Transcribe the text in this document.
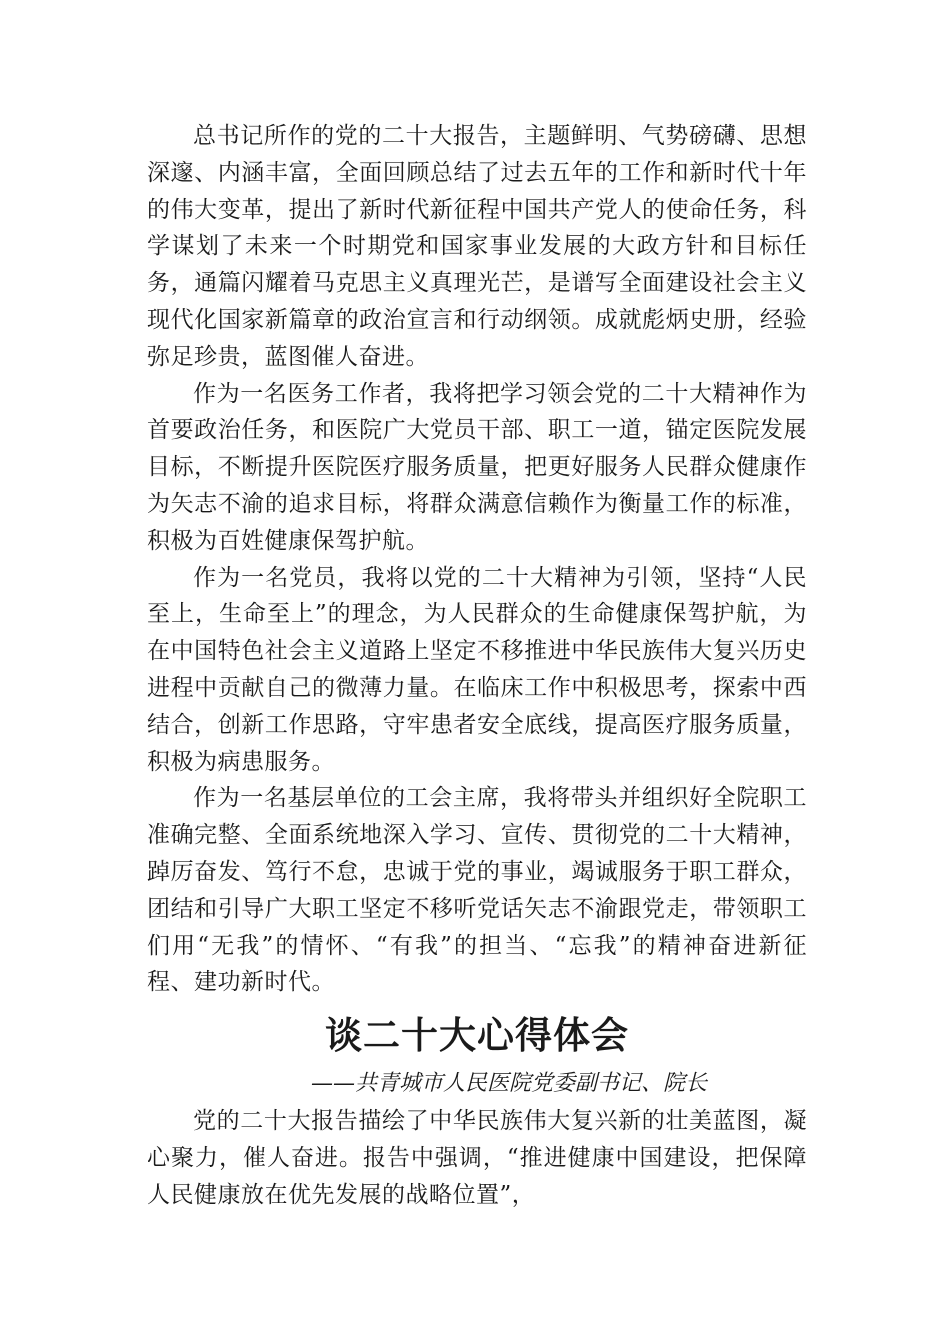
总书记所作的党的二十大报告，主题鲜明、气势磅礴、思想深邃、内涵丰富，全面回顾总结了过去五年的工作和新时代十年的伟大变革，提出了新时代新征程中国共产党人的使命任务，科学谋划了未来一个时期党和国家事业发展的大政方针和目标任务，通篇闪耀着马克思主义真理光芒，是谱写全面建设社会主义现代化国家新篇章的政治宣言和行动纲领。成就彪炳史册，经验弥足珍贵，蓝图催人奋进。

作为一名医务工作者，我将把学习领会党的二十大精神作为首要政治任务，和医院广大党员干部、职工一道，锚定医院发展目标，不断提升医院医疗服务质量，把更好服务人民群众健康作为矢志不渝的追求目标，将群众满意信赖作为衡量工作的标准，积极为百姓健康保驾护航。

作为一名党员，我将以党的二十大精神为引领，坚持“人民至上，生命至上”的理念，为人民群众的生命健康保驾护航，为在中国特色社会主义道路上坚定不移推进中华民族伟大复兴历史进程中贡献自己的微薄力量。在临床工作中积极思考，探索中西结合，创新工作思路，守牢患者安全底线，提高医疗服务质量，积极为病患服务。

作为一名基层单位的工会主席，我将带头并组织好全院职工准确完整、全面系统地深入学习、宣传、贯彻党的二十大精神，踔厉奋发、笃行不怠，忠诚于党的事业，竭诚服务于职工群众，团结和引导广大职工坚定不移听党话矢志不渝跟党走，带领职工们用“无我”的情怀、“有我”的担当、“忘我”的精神奋进新征程、建功新时代。

谈二十大心得体会

——共青城市人民医院党委副书记、院长

党的二十大报告描绘了中华民族伟大复兴新的壮美蓝图，凝心聚力，催人奋进。报告中强调，“推进健康中国建设，把保障人民健康放在优先发展的战略位置”，
